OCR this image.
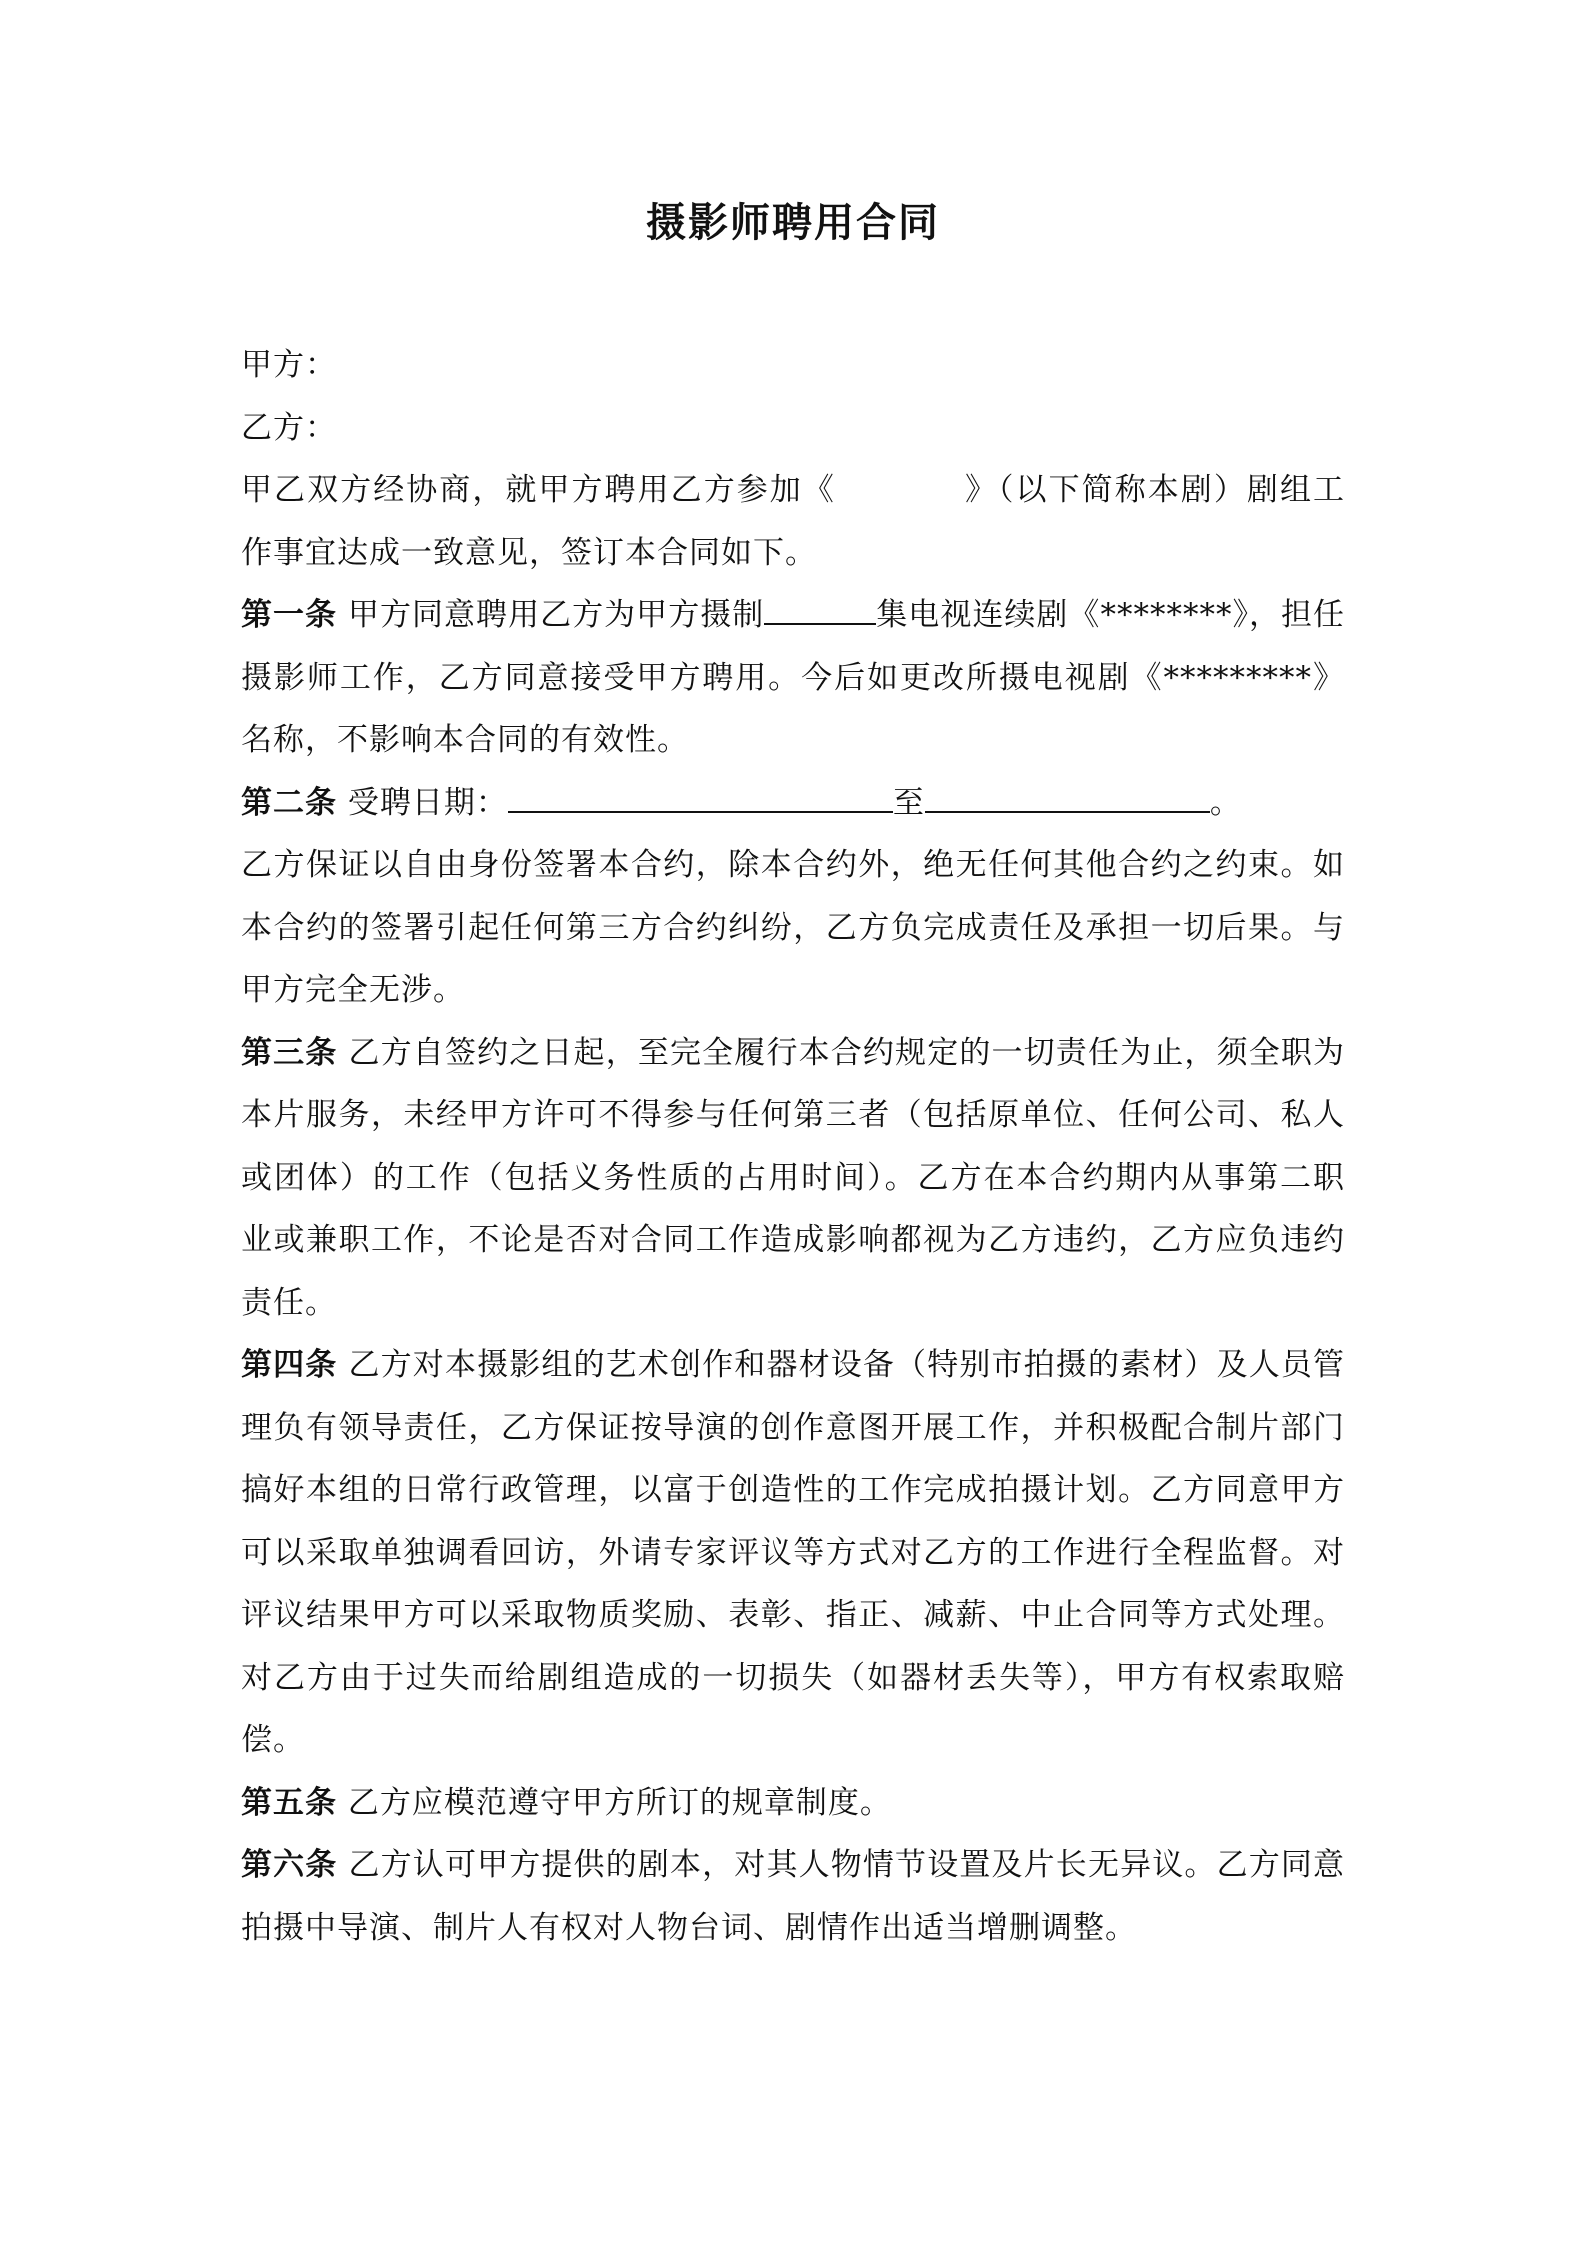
摄影师聘用合同

甲方：

乙方：

甲乙双方经协商，就甲方聘用乙方参加《	》（以下简称本剧）剧组工作事宜达成一致意见，签订本合同如下。

第一条 甲方同意聘用乙方为甲方摄制	集电视连续剧《********》，担任摄影师工作，乙方同意接受甲方聘用。今后如更改所摄电视剧《*********》名称，不影响本合同的有效性。

第二条 受聘日期：	至	。

乙方保证以自由身份签署本合约，除本合约外，绝无任何其他合约之约束。如本合约的签署引起任何第三方合约纠纷，乙方负完成责任及承担一切后果。与甲方完全无涉。

第三条 乙方自签约之日起，至完全履行本合约规定的一切责任为止，须全职为本片服务，未经甲方许可不得参与任何第三者（包括原单位、任何公司、私人或团体）的工作（包括义务性质的占用时间）。乙方在本合约期内从事第二职业或兼职工作，不论是否对合同工作造成影响都视为乙方违约，乙方应负违约责任。

第四条 乙方对本摄影组的艺术创作和器材设备（特别市拍摄的素材）及人员管理负有领导责任，乙方保证按导演的创作意图开展工作，并积极配合制片部门搞好本组的日常行政管理，以富于创造性的工作完成拍摄计划。乙方同意甲方可以采取单独调看回访，外请专家评议等方式对乙方的工作进行全程监督。对评议结果甲方可以采取物质奖励、表彰、指正、减薪、中止合同等方式处理。对乙方由于过失而给剧组造成的一切损失（如器材丢失等），甲方有权索取赔偿。

第五条 乙方应模范遵守甲方所订的规章制度。

第六条 乙方认可甲方提供的剧本，对其人物情节设置及片长无异议。乙方同意拍摄中导演、制片人有权对人物台词、剧情作出适当增删调整。
